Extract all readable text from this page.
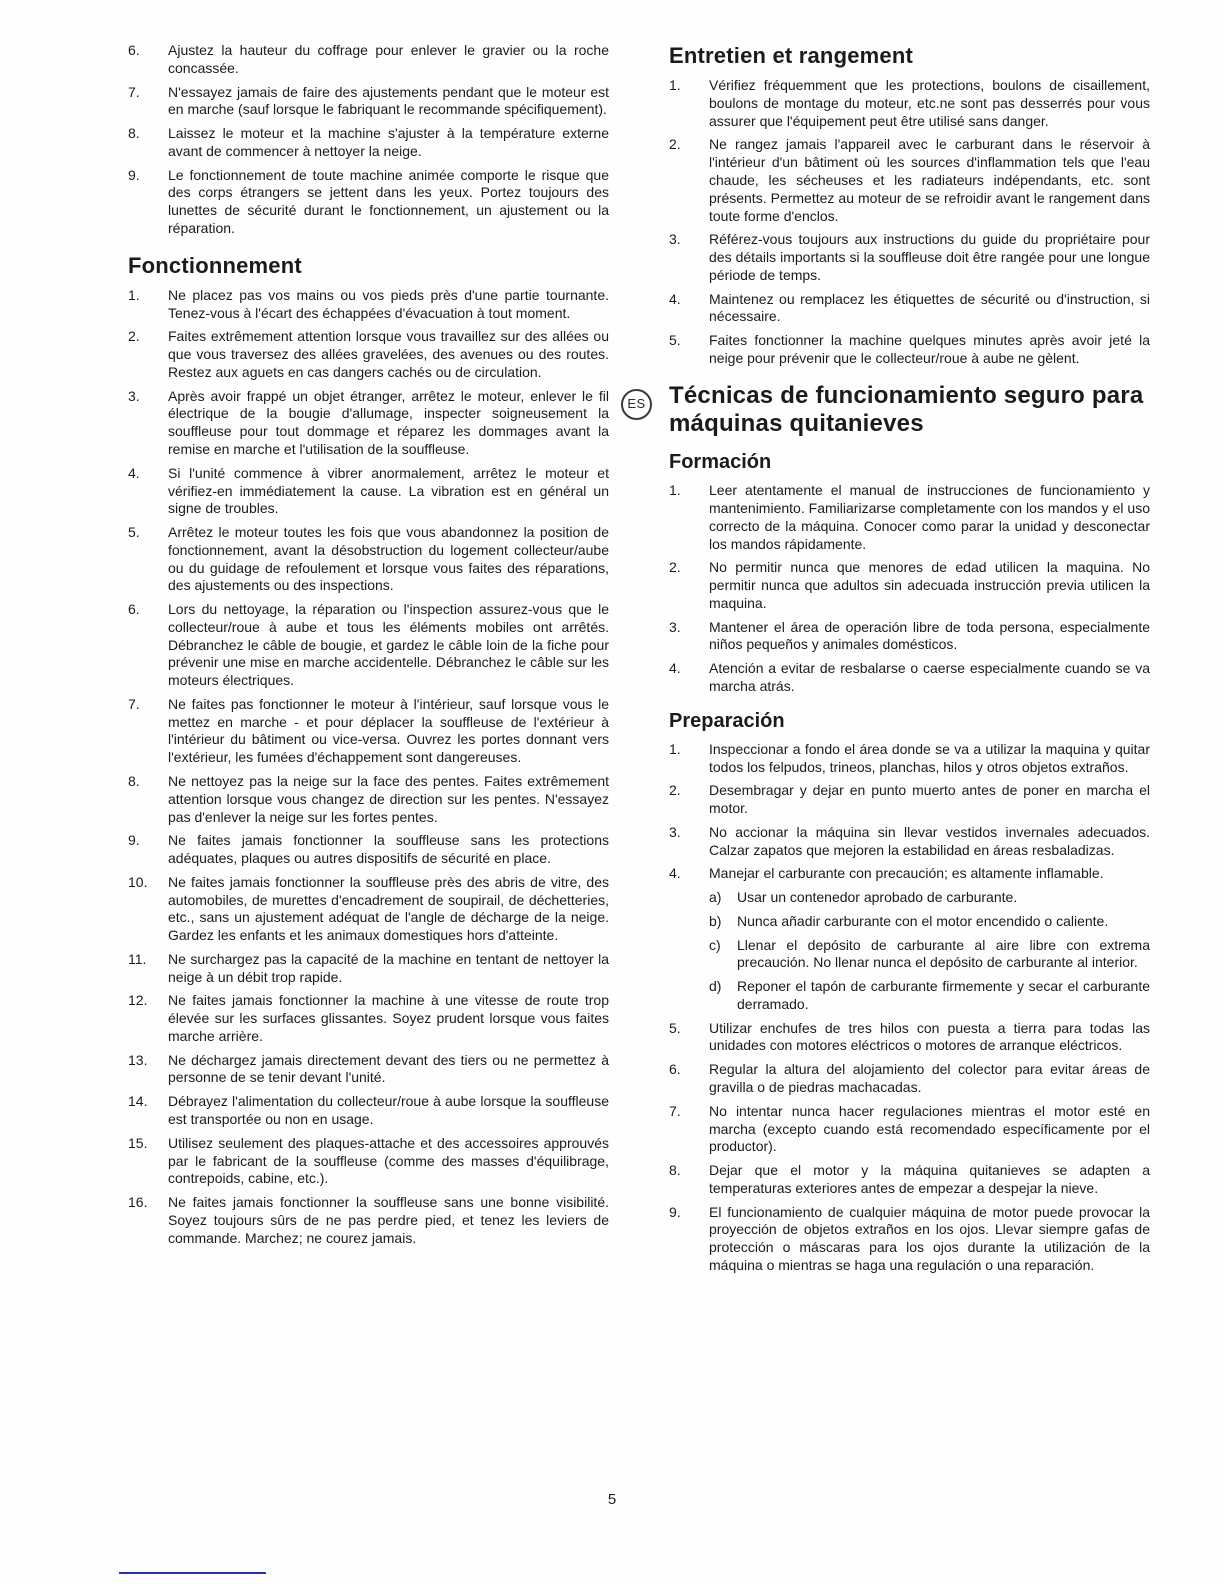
6.	Ajustez la hauteur du coffrage pour enlever le gravier ou la roche concassée.
7.	N'essayez jamais de faire des ajustements pendant que le moteur est en marche (sauf lorsque le fabriquant le recommande spécifiquement).
8.	Laissez le moteur et la machine s'ajuster à la température externe avant de commencer à nettoyer la neige.
9.	Le fonctionnement de toute machine animée comporte le risque que des corps étrangers se jettent dans les yeux. Portez toujours des lunettes de sécurité durant le fonctionnement, un ajustement ou la réparation.
Fonctionnement
1.	Ne placez pas vos mains ou vos pieds près d'une partie tournante. Tenez-vous à l'écart des échappées d'évacuation à tout moment.
2.	Faites extrêmement attention lorsque vous travaillez sur des allées ou que vous traversez des allées gravelées, des avenues ou des routes. Restez aux aguets en cas dangers cachés ou de circulation.
3.	Après avoir frappé un objet étranger, arrêtez le moteur, enlever le fil électrique de la bougie d'allumage, inspecter soigneusement la souffleuse pour tout dommage et réparez les dommages avant la remise en marche et l'utilisation de la souffleuse.
4.	Si l'unité commence à vibrer anormalement, arrêtez le moteur et vérifiez-en immédiatement la cause. La vibration est en général un signe de troubles.
5.	Arrêtez le moteur toutes les fois que vous abandonnez la position de fonctionnement, avant la désobstruction du logement collecteur/aube ou du guidage de refoulement et lorsque vous faites des réparations, des ajustements ou des inspections.
6.	Lors du nettoyage, la réparation ou l'inspection assurez-vous que le collecteur/roue à aube et tous les éléments mobiles ont arrêtés. Débranchez le câble de bougie, et gardez le câble loin de la fiche pour prévenir une mise en marche accidentelle. Débranchez le câble sur les moteurs électriques.
7.	Ne faites pas fonctionner le moteur à l'intérieur, sauf lorsque vous le mettez en marche - et pour déplacer la souffleuse de l'extérieur à l'intérieur du bâtiment ou vice-versa. Ouvrez les portes donnant vers l'extérieur, les fumées d'échappement sont dangereuses.
8.	Ne nettoyez pas la neige sur la face des pentes. Faites extrêmement attention lorsque vous changez de direction sur les pentes. N'essayez pas d'enlever la neige sur les fortes pentes.
9.	Ne faites jamais fonctionner la souffleuse sans les protections adéquates, plaques ou autres dispositifs de sécurité en place.
10.	Ne faites jamais fonctionner la souffleuse près des abris de vitre, des automobiles, de murettes d'encadrement de soupirail, de déchetteries, etc., sans un ajustement adéquat de l'angle de décharge de la neige. Gardez les enfants et les animaux domestiques hors d'atteinte.
11.	Ne surchargez pas la capacité de la machine en tentant de nettoyer la neige à un débit trop rapide.
12.	Ne faites jamais fonctionner la machine à une vitesse de route trop élevée sur les surfaces glissantes. Soyez prudent lorsque vous faites marche arrière.
13.	Ne déchargez jamais directement devant des tiers ou ne permettez à personne de se tenir devant l'unité.
14.	Débrayez l'alimentation du collecteur/roue à aube lorsque la souffleuse est transportée ou non en usage.
15.	Utilisez seulement des plaques-attache et des accessoires approuvés par le fabricant de la souffleuse (comme des masses d'équilibrage, contrepoids, cabine, etc.).
16.	Ne faites jamais fonctionner la souffleuse sans une bonne visibilité. Soyez toujours sûrs de ne pas perdre pied, et tenez les leviers de commande. Marchez; ne courez jamais.
Entretien et rangement
1.	Vérifiez fréquemment que les protections, boulons de cisaillement, boulons de montage du moteur, etc.ne sont pas desserrés pour vous assurer que l'équipement peut être utilisé sans danger.
2.	Ne rangez jamais l'appareil avec le carburant dans le réservoir à l'intérieur d'un bâtiment où les sources d'inflammation tels que l'eau chaude, les sécheuses et les radiateurs indépendants, etc. sont présents. Permettez au moteur de se refroidir avant le rangement dans toute forme d'enclos.
3.	Référez-vous toujours aux instructions du guide du propriétaire pour des détails importants si la souffleuse doit être rangée pour une longue période de temps.
4.	Maintenez ou remplacez les étiquettes de sécurité ou d'instruction, si nécessaire.
5.	Faites fonctionner la machine quelques minutes après avoir jeté la neige pour prévenir que le collecteur/roue à aube ne gèlent.
ES Técnicas de funcionamiento seguro para máquinas quitanieves
Formación
1.	Leer atentamente el manual de instrucciones de funcionamiento y mantenimiento. Familiarizarse completamente con los mandos y el uso correcto de la máquina. Conocer como parar la unidad y desconectar los mandos rápidamente.
2.	No permitir nunca que menores de edad utilicen la maquina. No permitir nunca que adultos sin adecuada instrucción previa utilicen la maquina.
3.	Mantener el área de operación libre de toda persona, especialmente niños pequeños y animales domésticos.
4.	Atención a evitar de resbalarse o caerse especialmente cuando se va marcha atrás.
Preparación
1.	Inspeccionar a fondo el área donde se va a utilizar la maquina y quitar todos los felpudos, trineos, planchas, hilos y otros objetos extraños.
2.	Desembragar y dejar en punto muerto antes de poner en marcha el motor.
3.	No accionar la máquina sin llevar vestidos invernales adecuados. Calzar zapatos que mejoren la estabilidad en áreas resbaladizas.
4.	Manejar el carburante con precaución; es altamente inflamable.
a)	Usar un contenedor aprobado de carburante.
b)	Nunca añadir carburante con el motor encendido o caliente.
c)	Llenar el depósito de carburante al aire libre con extrema precaución. No llenar nunca el depósito de carburante al interior.
d)	Reponer el tapón de carburante firmemente y secar el carburante derramado.
5.	Utilizar enchufes de tres hilos con puesta a tierra para todas las unidades con motores eléctricos o motores de arranque eléctricos.
6.	Regular la altura del alojamiento del colector para evitar áreas de gravilla o de piedras machacadas.
7.	No intentar nunca hacer regulaciones mientras el motor esté en marcha (excepto cuando está recomendado específicamente por el productor).
8.	Dejar que el motor y la máquina quitanieves se adapten a temperaturas exteriores antes de empezar a despejar la nieve.
9.	El funcionamiento de cualquier máquina de motor puede provocar la proyección de objetos extraños en los ojos. Llevar siempre gafas de protección o máscaras para los ojos durante la utilización de la máquina o mientras se haga una regulación o una reparación.
5
